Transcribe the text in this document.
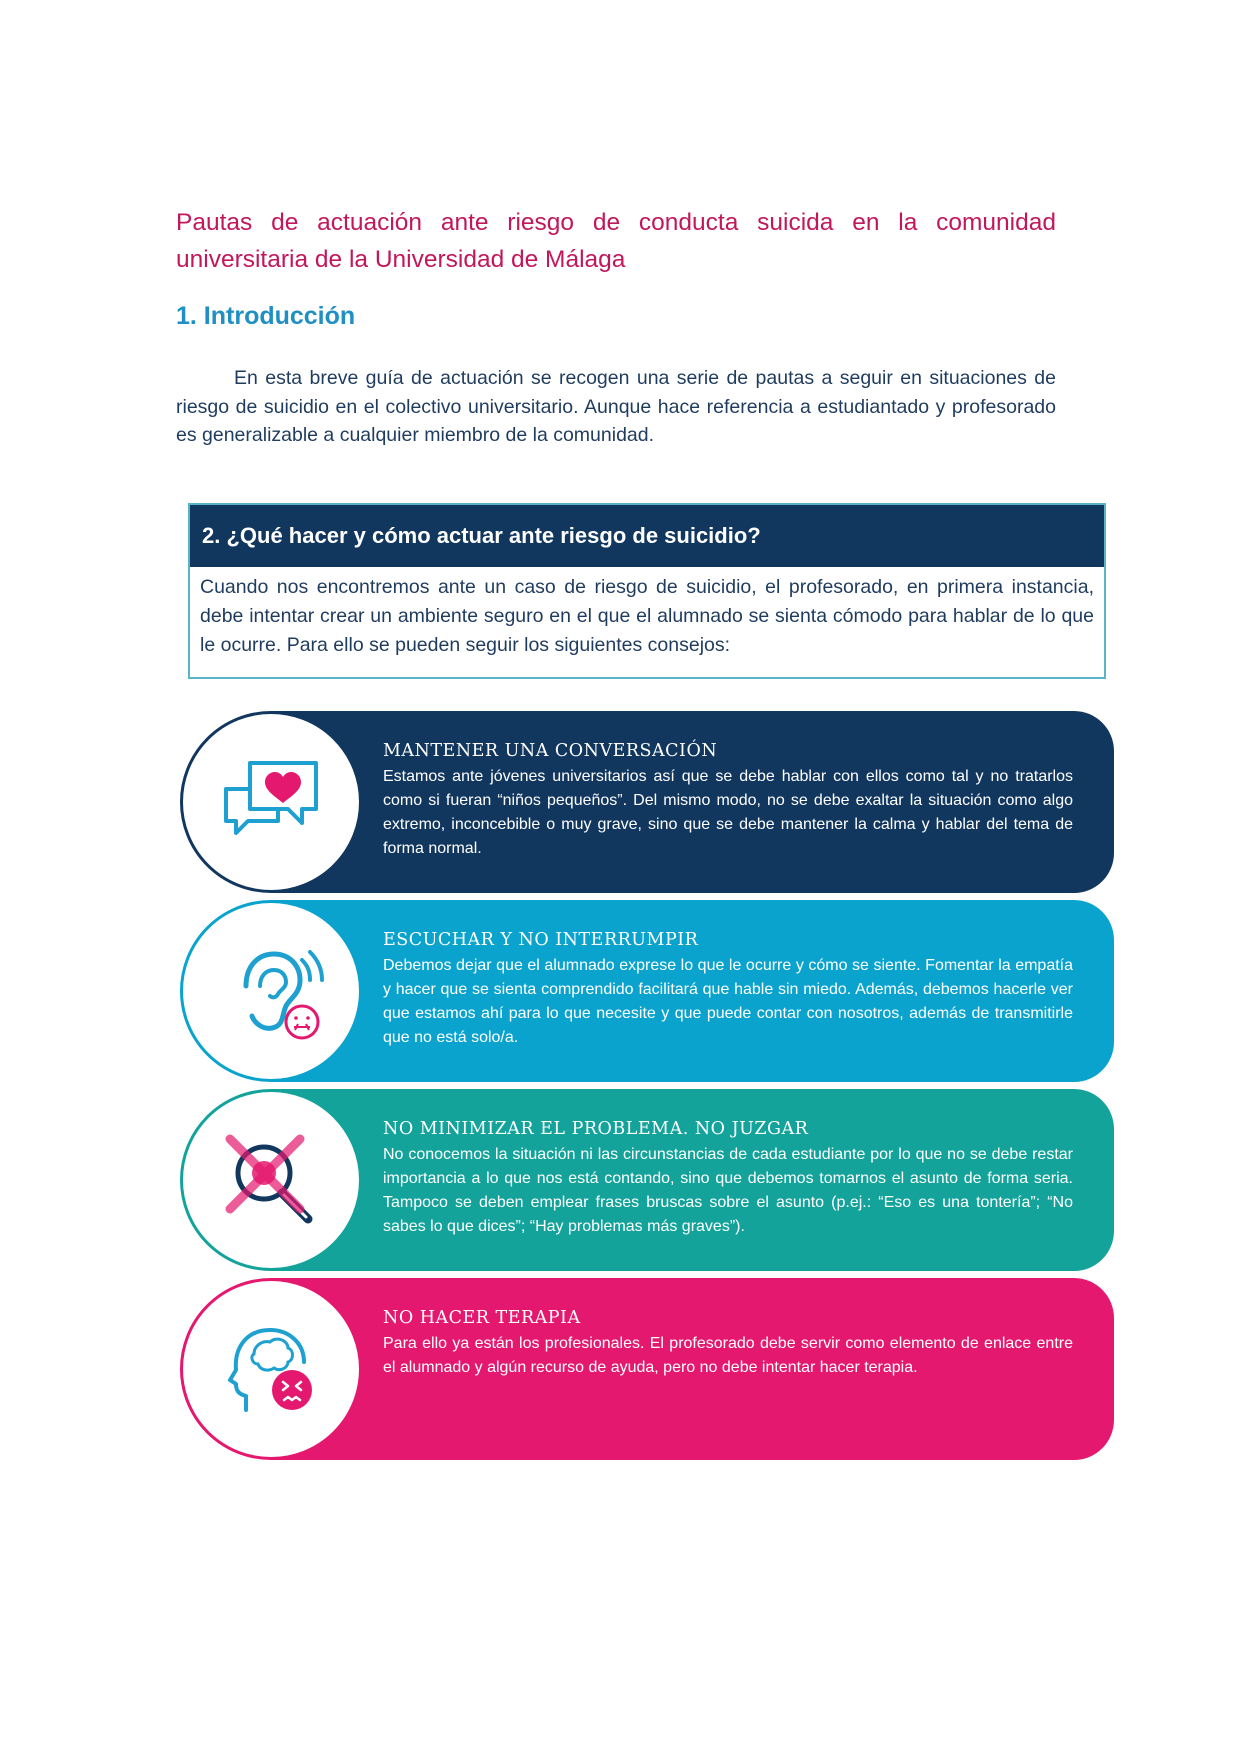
Pautas de actuación ante riesgo de conducta suicida en la comunidad universitaria de la Universidad de Málaga
1. Introducción

En esta breve guía de actuación se recogen una serie de pautas a seguir en situaciones de riesgo de suicidio en el colectivo universitario. Aunque hace referencia a estudiantado y profesorado es generalizable a cualquier miembro de la comunidad.

2. ¿Qué hacer y cómo actuar ante riesgo de suicidio?
Cuando nos encontremos ante un caso de riesgo de suicidio, el profesorado, en primera instancia, debe intentar crear un ambiente seguro en el que el alumnado se sienta cómodo para hablar de lo que le ocurre. Para ello se pueden seguir los siguientes consejos:
MANTENER UNA CONVERSACIÓN
Estamos ante jóvenes universitarios así que se debe hablar con ellos como tal y no tratarlos como si fueran “niños pequeños”. Del mismo modo, no se debe exaltar la situación como algo extremo, inconcebible o muy grave, sino que se debe mantener la calma y hablar del tema de forma normal.
ESCUCHAR Y NO INTERRUMPIR
Debemos dejar que el alumnado exprese lo que le ocurre y cómo se siente. Fomentar la empatía y hacer que se sienta comprendido facilitará que hable sin miedo. Además, debemos hacerle ver que estamos ahí para lo que necesite y que puede contar con nosotros, además de transmitirle que no está solo/a.
NO MINIMIZAR EL PROBLEMA. NO JUZGAR
No conocemos la situación ni las circunstancias de cada estudiante por lo que no se debe restar importancia a lo que nos está contando, sino que debemos tomarnos el asunto de forma seria. Tampoco se deben emplear frases bruscas sobre el asunto (p.ej.: “Eso es una tontería”; “No sabes lo que dices”; “Hay problemas más graves”).
NO HACER TERAPIA
Para ello ya están los profesionales. El profesorado debe servir como elemento de enlace entre el alumnado y algún recurso de ayuda, pero no debe intentar hacer terapia.
